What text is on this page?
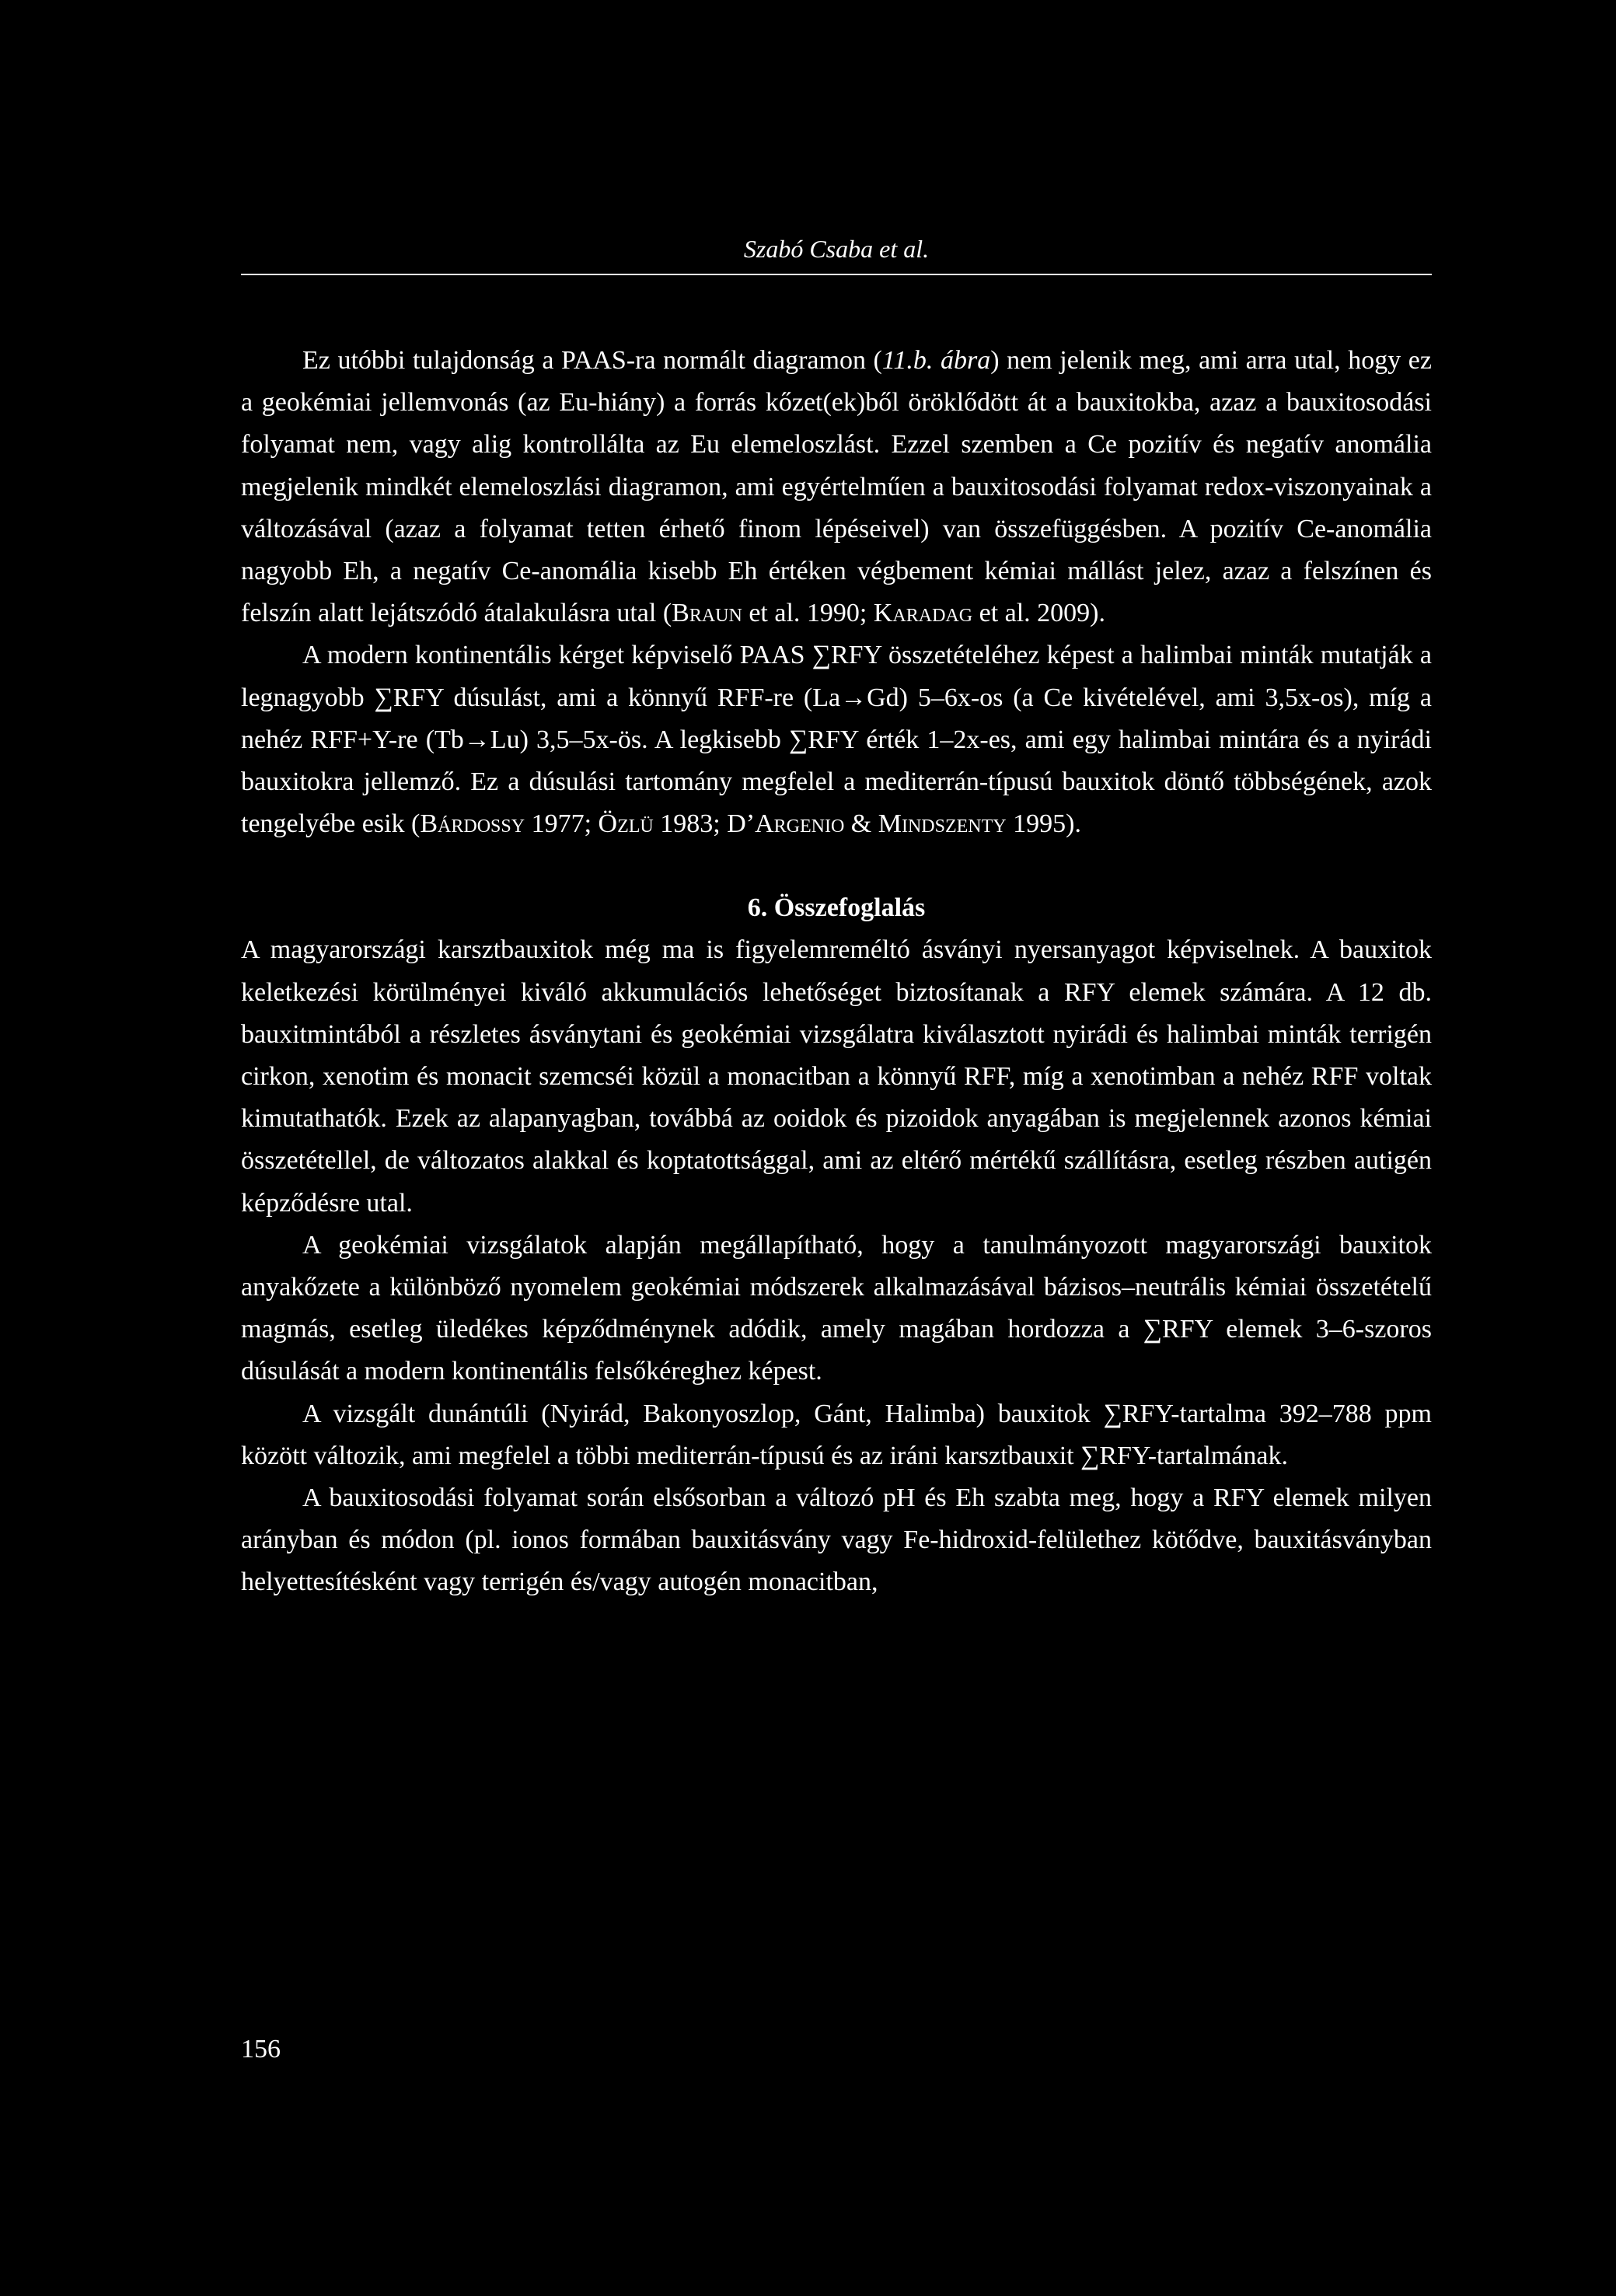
Szabó Csaba et al.

Ez utóbbi tulajdonság a PAAS-ra normált diagramon (11.b. ábra) nem jelenik meg, ami arra utal, hogy ez a geokémiai jellemvonás (az Eu-hiány) a forrás kőzet(ek)ből öröklődött át a bauxitokba, azaz a bauxitosodási folyamat nem, vagy alig kontrollálta az Eu elemeloszlást. Ezzel szemben a Ce pozitív és negatív anomália megjelenik mindkét elemeloszlási diagramon, ami egyértelműen a bauxitosodási folyamat redox-viszonyainak a változásával (azaz a folyamat tetten érhető finom lépéseivel) van összefüggésben. A pozitív Ce-anomália nagyobb Eh, a negatív Ce-anomália kisebb Eh értéken végbement kémiai mállást jelez, azaz a felszínen és felszín alatt lejátszódó átalakulásra utal (Braun et al. 1990; Karadag et al. 2009).

A modern kontinentális kérget képviselő PAAS ∑RFY összetételéhez képest a halimbai minták mutatják a legnagyobb ∑RFY dúsulást, ami a könnyű RFF-re (La→Gd) 5–6x-os (a Ce kivételével, ami 3,5x-os), míg a nehéz RFF+Y-re (Tb→Lu) 3,5–5x-ös. A legkisebb ∑RFY érték 1–2x-es, ami egy halimbai mintára és a nyirádi bauxitokra jellemző. Ez a dúsulási tartomány megfelel a mediterrán-típusú bauxitok döntő többségének, azok tengelyébe esik (Bárdossy 1977; Özlü 1983; D’Argenio & Mindszenty 1995).

6. Összefoglalás

A magyarországi karsztbauxitok még ma is figyelemreméltó ásványi nyersanyagot képviselnek. A bauxitok keletkezési körülményei kiváló akkumulációs lehetőséget biztosítanak a RFY elemek számára. A 12 db. bauxitmintából a részletes ásványtani és geokémiai vizsgálatra kiválasztott nyirádi és halimbai minták terrigén cirkon, xenotim és monacit szemcséi közül a monacitban a könnyű RFF, míg a xenotimban a nehéz RFF voltak kimutathatók. Ezek az alapanyagban, továbbá az ooidok és pizoidok anyagában is megjelennek azonos kémiai összetétellel, de változatos alakkal és koptatottsággal, ami az eltérő mértékű szállításra, esetleg részben autigén képződésre utal.

A geokémiai vizsgálatok alapján megállapítható, hogy a tanulmányozott magyarországi bauxitok anyakőzete a különböző nyomelem geokémiai módszerek alkalmazásával bázisos–neutrális kémiai összetételű magmás, esetleg üledékes képződménynek adódik, amely magában hordozza a ∑RFY elemek 3–6-szoros dúsulását a modern kontinentális felsőkéreghez képest.

A vizsgált dunántúli (Nyirád, Bakonyoszlop, Gánt, Halimba) bauxitok ∑RFY-tartalma 392–788 ppm között változik, ami megfelel a többi mediterrán-típusú és az iráni karsztbauxit ∑RFY-tartalmának.

A bauxitosodási folyamat során elsősorban a változó pH és Eh szabta meg, hogy a RFY elemek milyen arányban és módon (pl. ionos formában bauxitásvány vagy Fe-hidroxid-felülethez kötődve, bauxitásványban helyettesítésként vagy terrigén és/vagy autogén monacitban,

156
